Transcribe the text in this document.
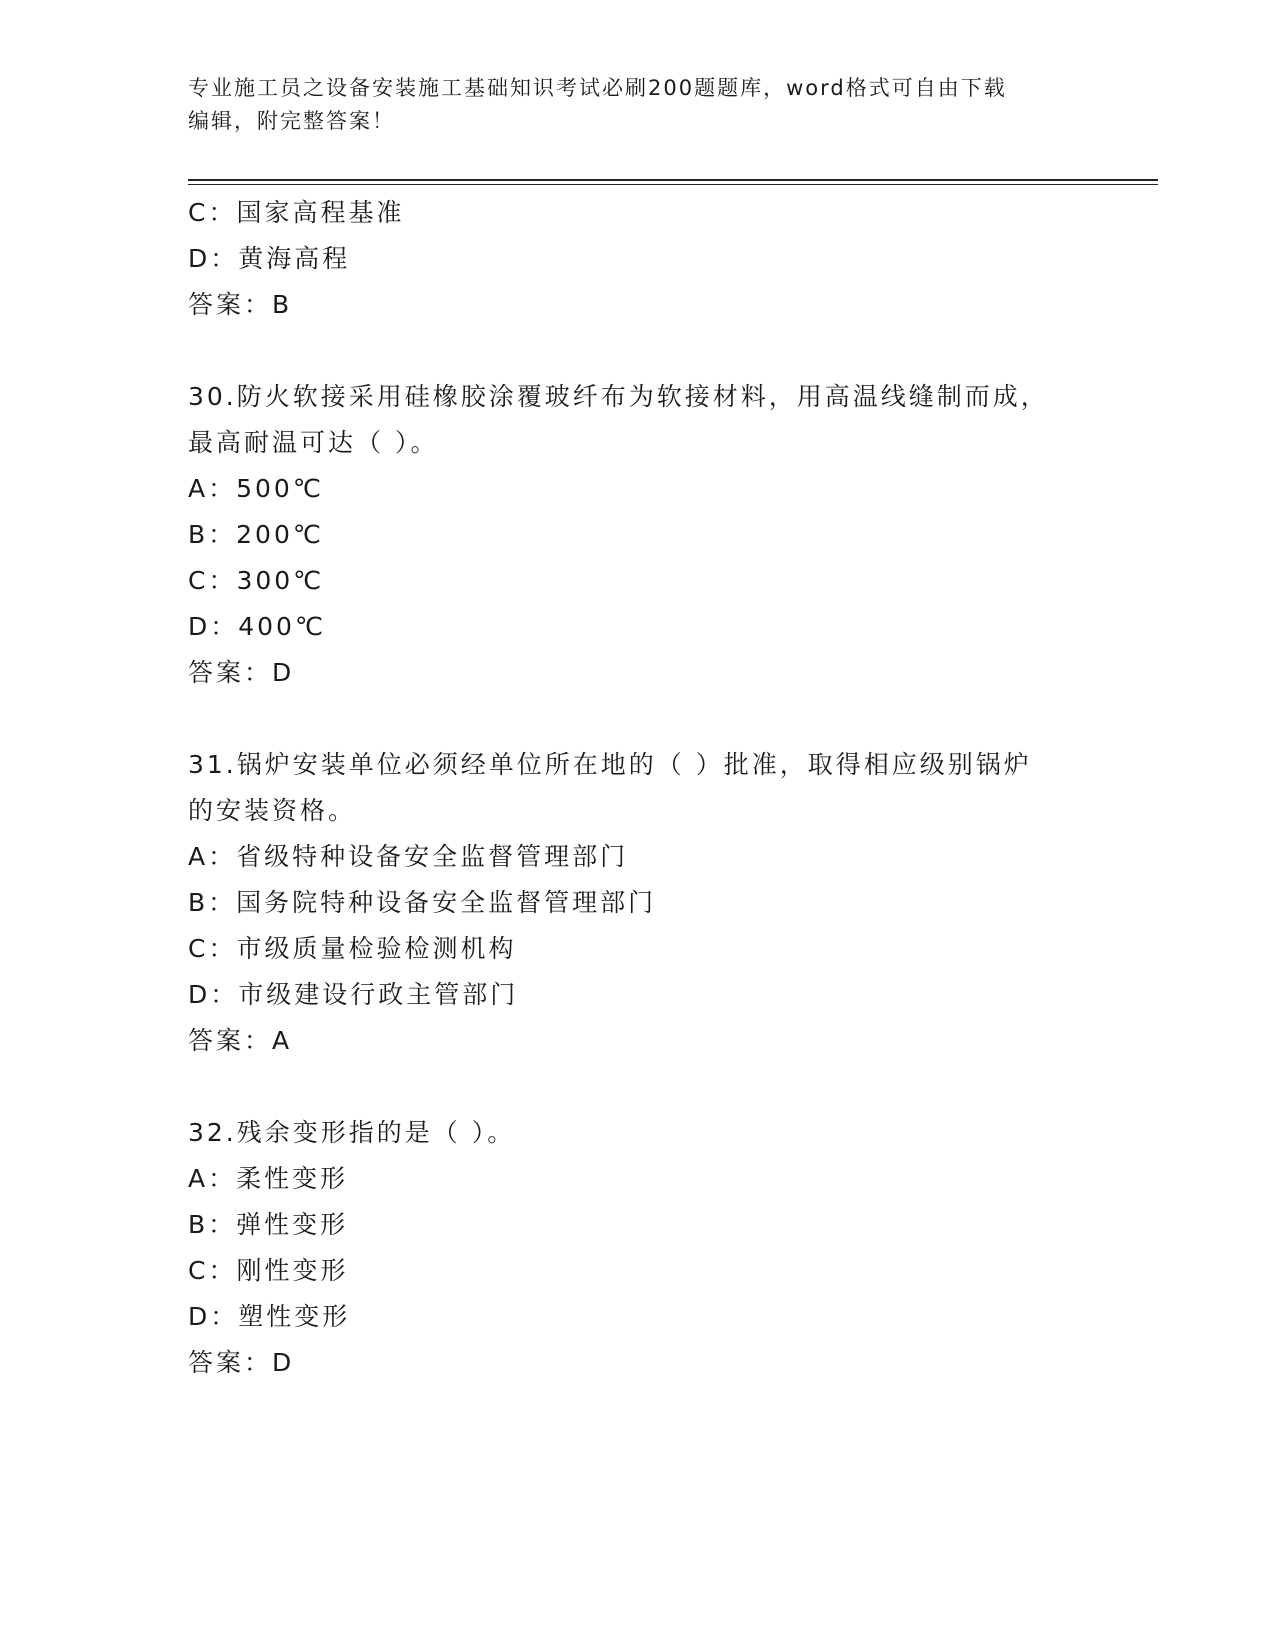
专业施工员之设备安装施工基础知识考试必刷200题题库，word格式可自由下载
编辑，附完整答案！
C：国家高程基准
D：黄海高程
答案：B
30.防火软接采用硅橡胶涂覆玻纤布为软接材料，用高温线缝制而成，
最高耐温可达（ ）。
A：500℃
B：200℃
C：300℃
D：400℃
答案：D
31.锅炉安装单位必须经单位所在地的（ ）批准，取得相应级别锅炉
的安装资格。
A：省级特种设备安全监督管理部门
B：国务院特种设备安全监督管理部门
C：市级质量检验检测机构
D：市级建设行政主管部门
答案：A
32.残余变形指的是（ ）。
A：柔性变形
B：弹性变形
C：刚性变形
D：塑性变形
答案：D
